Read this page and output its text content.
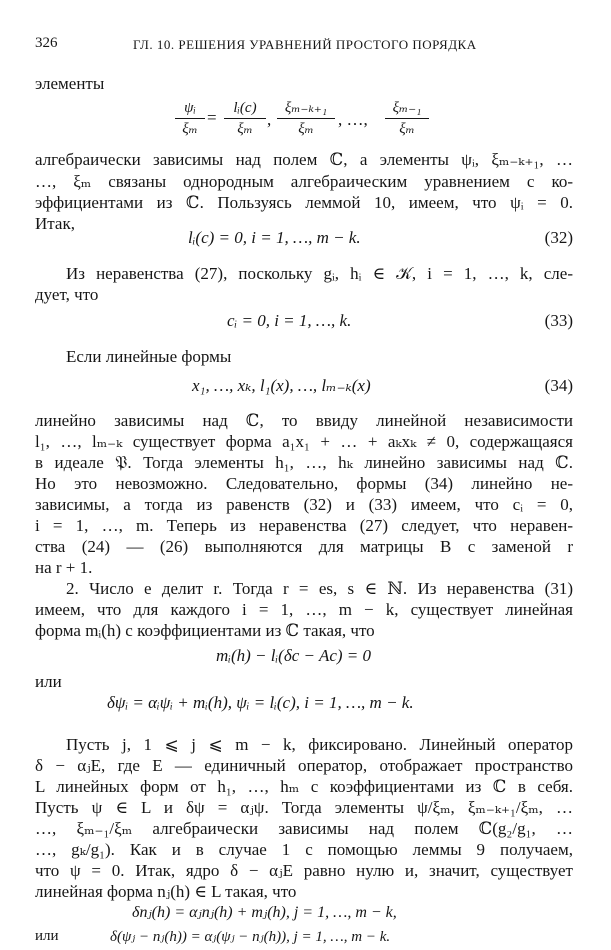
326	ГЛ. 10. РЕШЕНИЯ УРАВНЕНИЙ ПРОСТОГО ПОРЯДКА
элементы
ψᵢ
ξₘ
=	lᵢ(c)
ξₘ ,
ξₘ₋ₖ₊₁
ξₘ	, …,
ξₘ₋₁
ξₘ
алгебраически зависимы над полем ℂ, а элементы ψᵢ, ξₘ₋ₖ₊₁, …
…, ξₘ связаны однородным алгебраическим уравнением с ко-
эффициентами из ℂ. Пользуясь леммой 10, имеем, что ψᵢ = 0.
Итак,
lᵢ(c) = 0, i = 1, …, m − k.	(32)
Из неравенства (27), поскольку gᵢ, hᵢ ∈ 𝒦, i = 1, …, k, сле-
дует, что
cᵢ = 0, i = 1, …, k.	(33)
Если линейные формы
x₁, …, xₖ, l₁(x), …, lₘ₋ₖ(x)	(34)
линейно зависимы над ℂ, то ввиду линейной независимости
l₁, …, lₘ₋ₖ существует форма a₁x₁ + … + aₖxₖ ≠ 0, содержащаяся
в идеале 𝔓. Тогда элементы h₁, …, hₖ линейно зависимы над ℂ.
Но это невозможно. Следовательно, формы (34) линейно не-
зависимы, а тогда из равенств (32) и (33) имеем, что cᵢ = 0,
i = 1, …, m. Теперь из неравенства (27) следует, что неравен-
ства (24) — (26) выполняются для матрицы B с заменой r
на r + 1.
2. Число e делит r. Тогда r = es, s ∈ ℕ. Из неравенства (31)
имеем, что для каждого i = 1, …, m − k, существует линейная
форма mᵢ(h) с коэффициентами из ℂ такая, что
mᵢ(h) − lᵢ(δc − Ac) = 0
или
δψᵢ = αᵢψᵢ + mᵢ(h), ψᵢ = lᵢ(c), i = 1, …, m − k.
Пусть j, 1 ⩽ j ⩽ m − k, фиксировано. Линейный оператор
δ − αⱼE, где E — единичный оператор, отображает пространство
L линейных форм от h₁, …, hₘ с коэффициентами из ℂ в себя.
Пусть ψ ∈ L и δψ = αⱼψ. Тогда элементы ψ/ξₘ, ξₘ₋ₖ₊₁/ξₘ, …
…, ξₘ₋₁/ξₘ алгебраически зависимы над полем ℂ(g₂/g₁, …
…, gₖ/g₁). Как и в случае 1 с помощью леммы 9 получаем,
что ψ = 0. Итак, ядро δ − αⱼE равно нулю и, значит, существует
линейная форма nⱼ(h) ∈ L такая, что
δnⱼ(h) = αⱼnⱼ(h) + mⱼ(h), j = 1, …, m − k,
или	δ(ψⱼ − nⱼ(h)) = αⱼ(ψⱼ − nⱼ(h)), j = 1, …, m − k.
